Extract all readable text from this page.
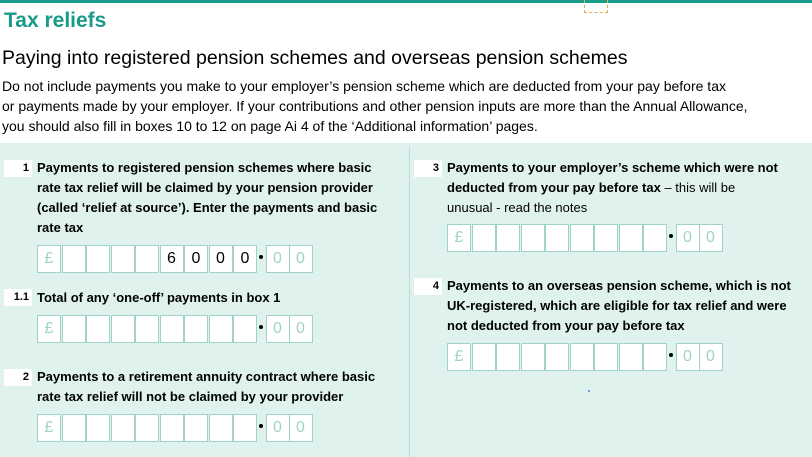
Tax reliefs
Paying into registered pension schemes and overseas pension schemes
Do not include payments you make to your employer’s pension scheme which are deducted from your pay before tax
or payments made by your employer. If your contributions and other pension inputs are more than the Annual Allowance,
you should also fill in boxes 10 to 12 on page Ai 4 of the ‘Additional information’ pages.
1 Payments to registered pension schemes where basic
rate tax relief will be claimed by your pension provider
(called ‘relief at source’). Enter the payments and basic
rate tax
£	6 0 0 0	0 0
1.1 Total of any ‘one-off’ payments in box 1
£	0 0
2 Payments to a retirement annuity contract where basic
rate tax relief will not be claimed by your provider
£	0 0
3 Payments to your employer’s scheme which were not
deducted from your pay before tax – this will be
unusual - read the notes
£	0 0
4 Payments to an overseas pension scheme, which is not
UK-registered, which are eligible for tax relief and were
not deducted from your pay before tax
£	0 0
